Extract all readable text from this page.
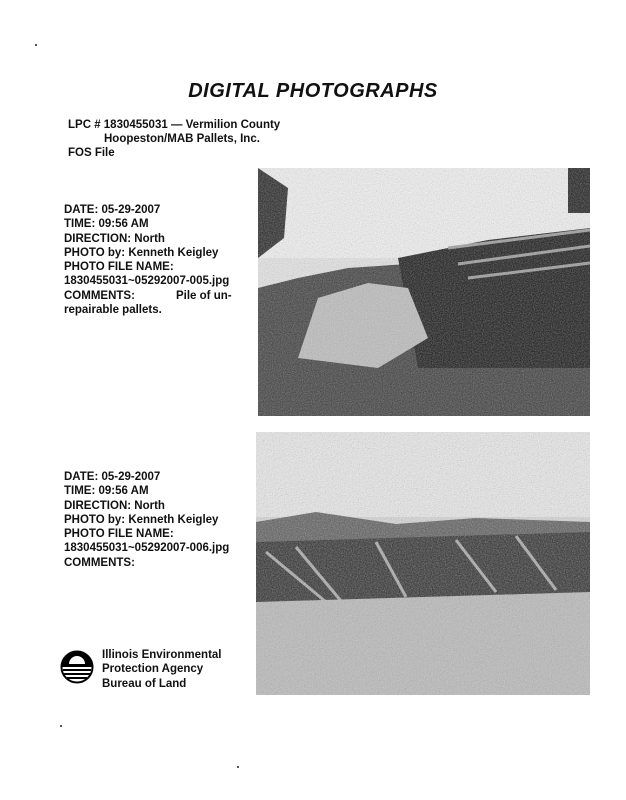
DIGITAL PHOTOGRAPHS
LPC # 1830455031 — Vermilion County
Hoopeston/MAB Pallets, Inc.
FOS File
DATE: 05-29-2007
TIME: 09:56 AM
DIRECTION: North
PHOTO by: Kenneth Keigley
PHOTO FILE NAME:
1830455031~05292007-005.jpg
COMMENTS:	Pile of un-repairable pallets.
DATE: 05-29-2007
TIME: 09:56 AM
DIRECTION: North
PHOTO by: Kenneth Keigley
PHOTO FILE NAME:
1830455031~05292007-006.jpg
COMMENTS:
Illinois Environmental
Protection Agency
Bureau of Land
